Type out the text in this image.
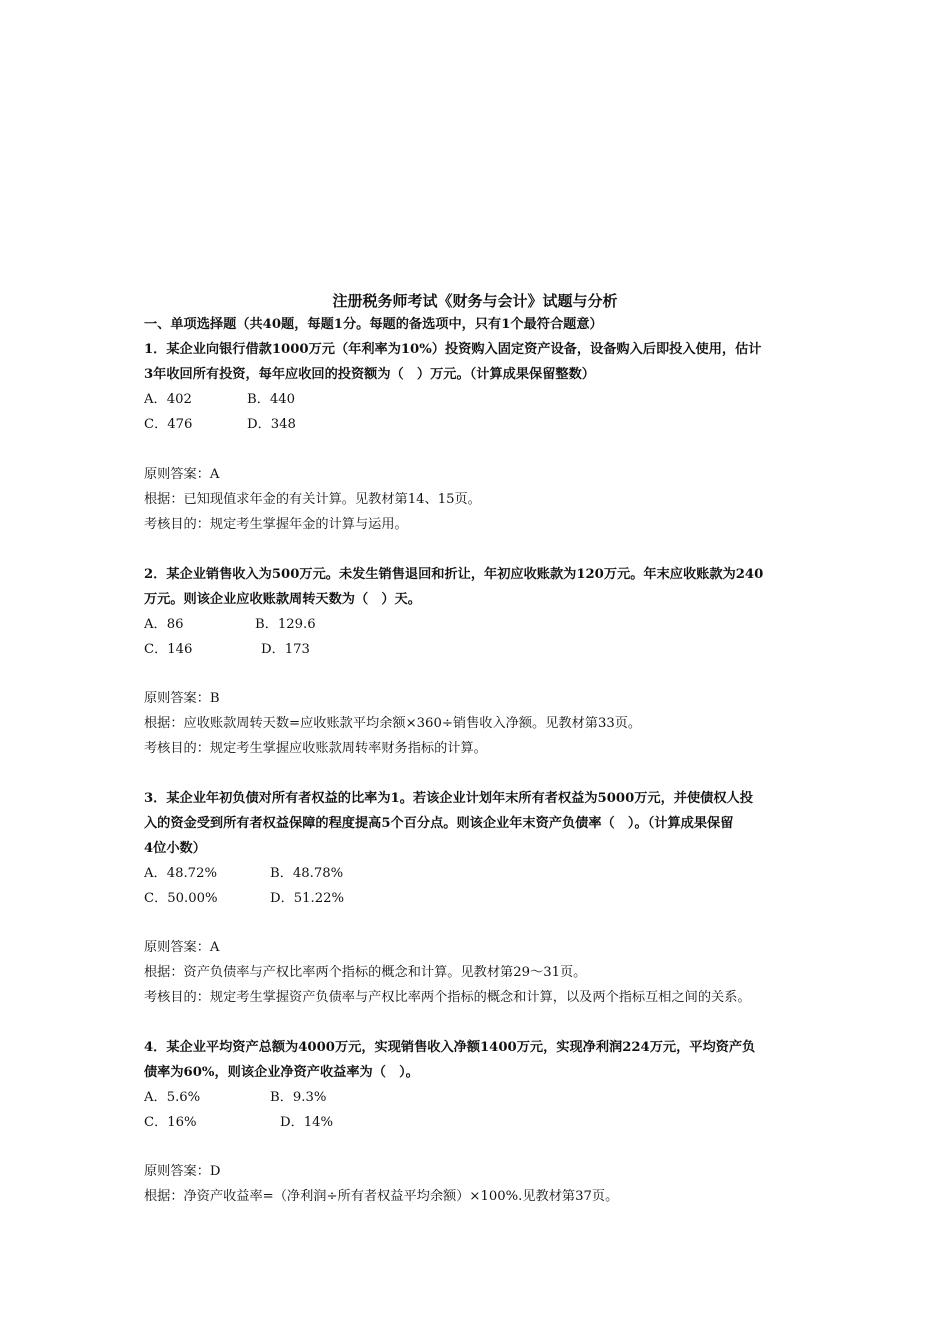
注册税务师考试《财务与会计》试题与分析
一、单项选择题（共40题，每题1分。每题的备选项中，只有1个最符合题意）
1．某企业向银行借款1000万元（年利率为10%）投资购入固定资产设备，设备购入后即投入使用，估计
3年收回所有投资，每年应收回的投资额为（　）万元。（计算成果保留整数）
A．402	B．440
C．476	D．348
原则答案：A
根据：已知现值求年金的有关计算。见教材第14、15页。
考核目的：规定考生掌握年金的计算与运用。
2．某企业销售收入为500万元。未发生销售退回和折让，年初应收账款为120万元。年末应收账款为240
万元。则该企业应收账款周转天数为（　）天。
A．86	B．129.6
C．146	D．173
原则答案：B
根据：应收账款周转天数=应收账款平均余额×360÷销售收入净额。见教材第33页。
考核目的：规定考生掌握应收账款周转率财务指标的计算。
3．某企业年初负债对所有者权益的比率为1。若该企业计划年末所有者权益为5000万元，并使债权人投
入的资金受到所有者权益保障的程度提高5个百分点。则该企业年末资产负债率（　）。（计算成果保留
4位小数）
A．48.72%	B．48.78%
C．50.00%	D．51.22%
原则答案：A
根据：资产负债率与产权比率两个指标的概念和计算。见教材第29～31页。
考核目的：规定考生掌握资产负债率与产权比率两个指标的概念和计算，以及两个指标互相之间的关系。
4．某企业平均资产总额为4000万元，实现销售收入净额1400万元，实现净利润224万元，平均资产负
债率为60%，则该企业净资产收益率为（　）。
A．5.6%	B．9.3%
C．16%	D．14%
原则答案：D
根据：净资产收益率=（净利润÷所有者权益平均余额）×100%.见教材第37页。
